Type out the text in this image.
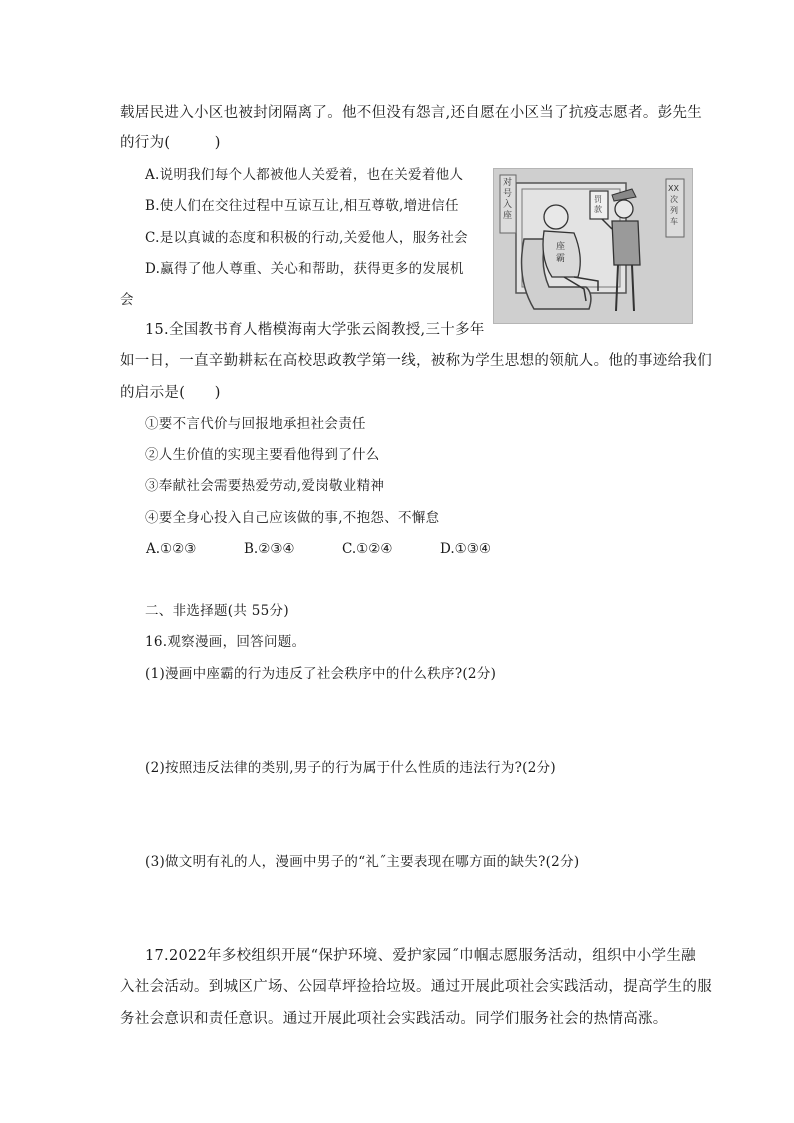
载居民进入小区也被封闭隔离了。他不但没有怨言,还自愿在小区当了抗疫志愿者。彭先生
的行为(　　　)
A.说明我们每个人都被他人关爱着，也在关爱着他人
B.使人们在交往过程中互谅互让,相互尊敬,增进信任
C.是以真诚的态度和积极的行动,关爱他人，服务社会
D.赢得了他人尊重、关心和帮助，获得更多的发展机
会
对号入座
罚款
XX 次列车
座霸
15.全国教书育人楷模海南大学张云阁教授,三十多年
如一日，一直辛勤耕耘在高校思政教学第一线，被称为学生思想的领航人。他的事迹给我们
的启示是(　　)
①要不言代价与回报地承担社会责任
②人生价值的实现主要看他得到了什么
③奉献社会需要热爱劳动,爱岗敬业精神
④要全身心投入自己应该做的事,不抱怨、不懈怠
A.①②③	B.②③④	C.①②④	D.①③④
二、非选择题(共 55分)
16.观察漫画，回答问题。
(1)漫画中座霸的行为违反了社会秩序中的什么秩序?(2分)
(2)按照违反法律的类别,男子的行为属于什么性质的违法行为?(2分)
(3)做文明有礼的人，漫画中男子的“礼˝主要表现在哪方面的缺失?(2分)
17.2022年多校组织开展“保护环境、爱护家园˝巾帼志愿服务活动，组织中小学生融
入社会活动。到城区广场、公园草坪捡拾垃圾。通过开展此项社会实践活动，提高学生的服
务社会意识和责任意识。通过开展此项社会实践活动。同学们服务社会的热情高涨。
